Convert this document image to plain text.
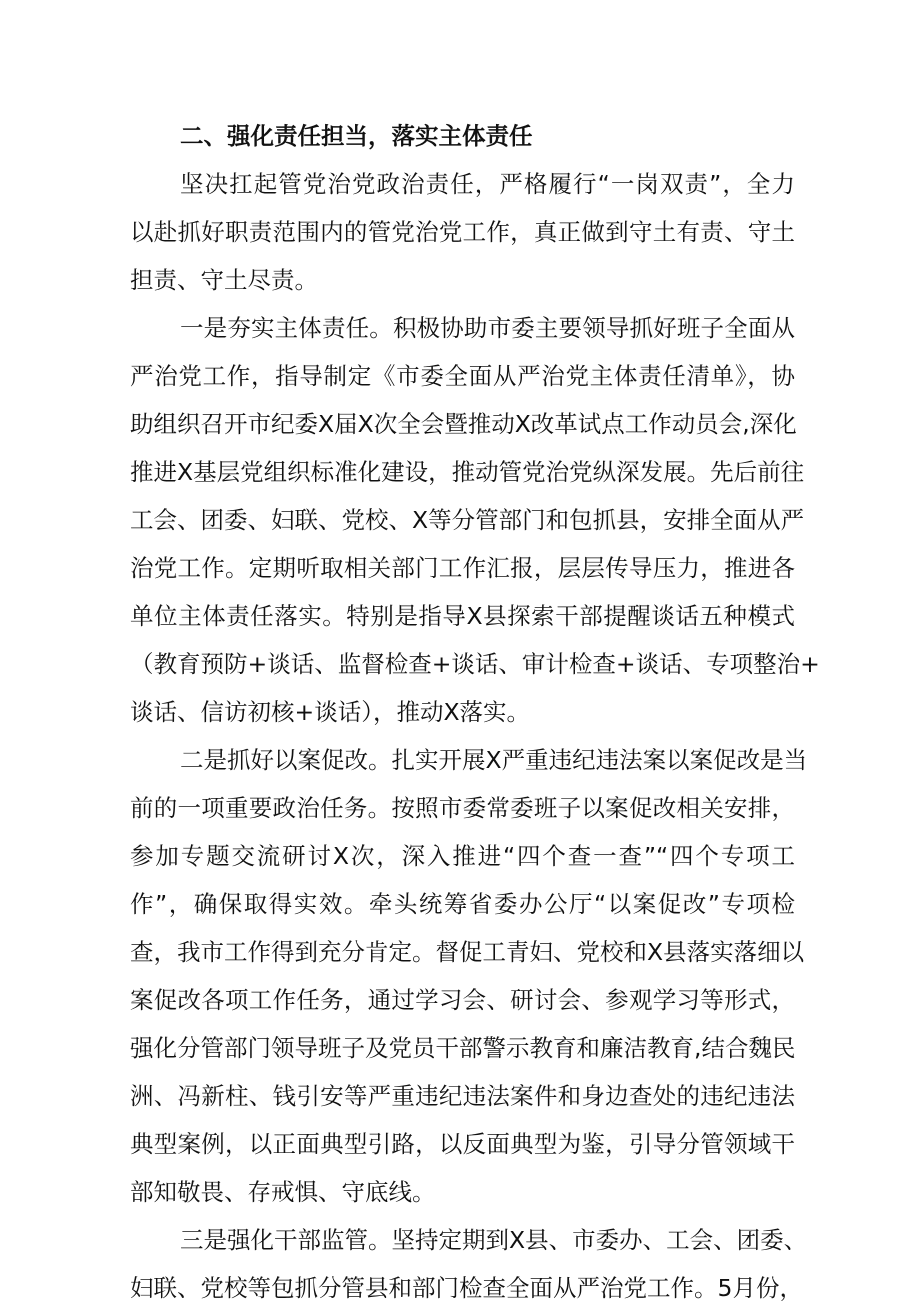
二、强化责任担当，落实主体责任
坚决扛起管党治党政治责任，严格履行“一岗双责”，全力
以赴抓好职责范围内的管党治党工作，真正做到守土有责、守土
担责、守土尽责。
一是夯实主体责任。积极协助市委主要领导抓好班子全面从
严治党工作，指导制定《市委全面从严治党主体责任清单》，协
助组织召开市纪委X届X次全会暨推动X改革试点工作动员会,深化
推进X基层党组织标准化建设，推动管党治党纵深发展。先后前往
工会、团委、妇联、党校、X等分管部门和包抓县，安排全面从严
治党工作。定期听取相关部门工作汇报，层层传导压力，推进各
单位主体责任落实。特别是指导X县探索干部提醒谈话五种模式
（教育预防+谈话、监督检查+谈话、审计检查+谈话、专项整治+
谈话、信访初核+谈话），推动X落实。
二是抓好以案促改。扎实开展X严重违纪违法案以案促改是当
前的一项重要政治任务。按照市委常委班子以案促改相关安排，
参加专题交流研讨X次，深入推进“四个查一查”“四个专项工
作”，确保取得实效。牵头统筹省委办公厅“以案促改”专项检
查，我市工作得到充分肯定。督促工青妇、党校和X县落实落细以
案促改各项工作任务，通过学习会、研讨会、参观学习等形式，
强化分管部门领导班子及党员干部警示教育和廉洁教育,结合魏民
洲、冯新柱、钱引安等严重违纪违法案件和身边查处的违纪违法
典型案例，以正面典型引路，以反面典型为鉴，引导分管领域干
部知敬畏、存戒惧、守底线。
三是强化干部监管。坚持定期到X县、市委办、工会、团委、
妇联、党校等包抓分管县和部门检查全面从严治党工作。5月份，
